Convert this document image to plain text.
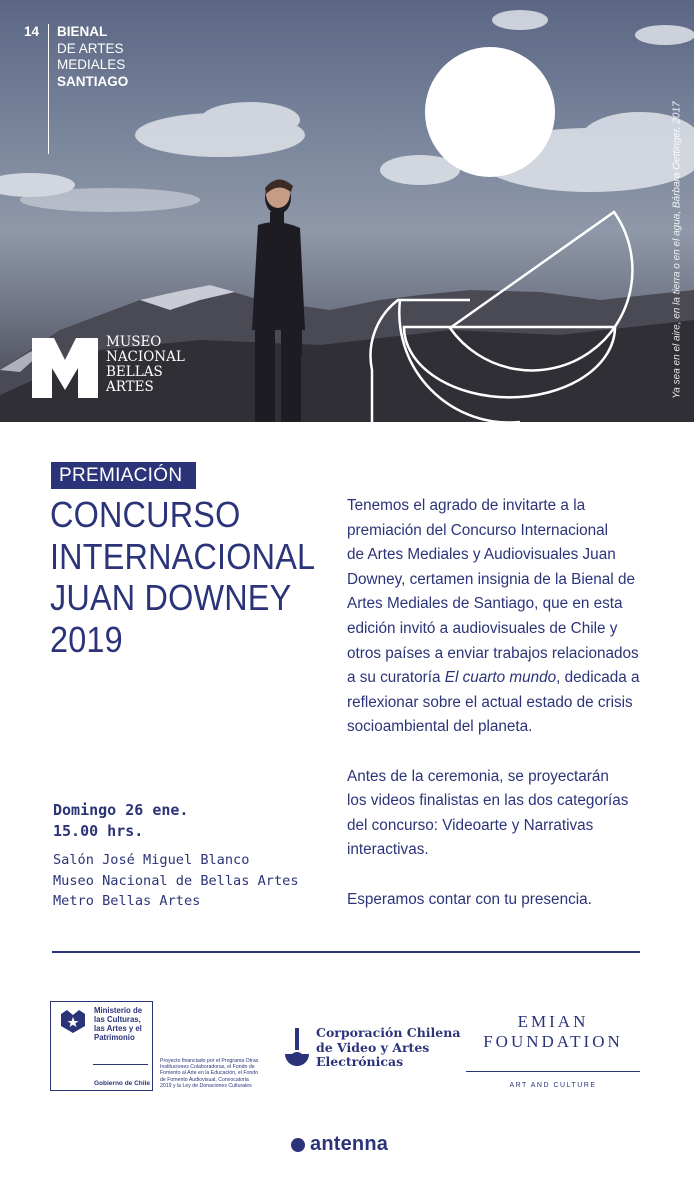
14 BIENAL
DE ARTES
MEDIALES
SANTIAGO
MUSEO
NACIONAL
BELLAS
ARTES	Ya sea en el aire, en la tierra o en el agua, Bárbara Oettinger, 2017
PREMIACIÓN
CONCURSO
INTERNACIONAL
JUAN DOWNEY
2019
Domingo 26 ene.
15.00 hrs.
Salón José Miguel Blanco
Museo Nacional de Bellas Artes
Metro Bellas Artes

Tenemos el agrado de invitarte a la

premiación del Concurso Internacional

de Artes Mediales y Audiovisuales Juan

Downey, certamen insignia de la Bienal de

Artes Mediales de Santiago, que en esta

edición invitó a audiovisuales de Chile y

otros países a enviar trabajos relacionados

a su curatoría El cuarto mundo, dedicada a

reflexionar sobre el actual estado de crisis

socioambiental del planeta.

Antes de la ceremonia, se proyectarán

los videos finalistas en las dos categorías

del concurso: Videoarte y Narrativas

interactivas.

Esperamos contar con tu presencia.

Ministerio de
las Culturas,
las Artes y el
Patrimonio
Gobierno de Chile
Proyecto financiado por el Programa Otras
Instituciones Colaboradoras, el Fondo de
Fomento al Arte en la Educación, el Fondo
de Fomento Audiovisual, Convocatoria
2019 y la Ley de Donaciones Culturales
Corporación Chilena
de Video y Artes
Electrónicas
EMIAN
FOUNDATION
ART AND CULTURE
antenna
